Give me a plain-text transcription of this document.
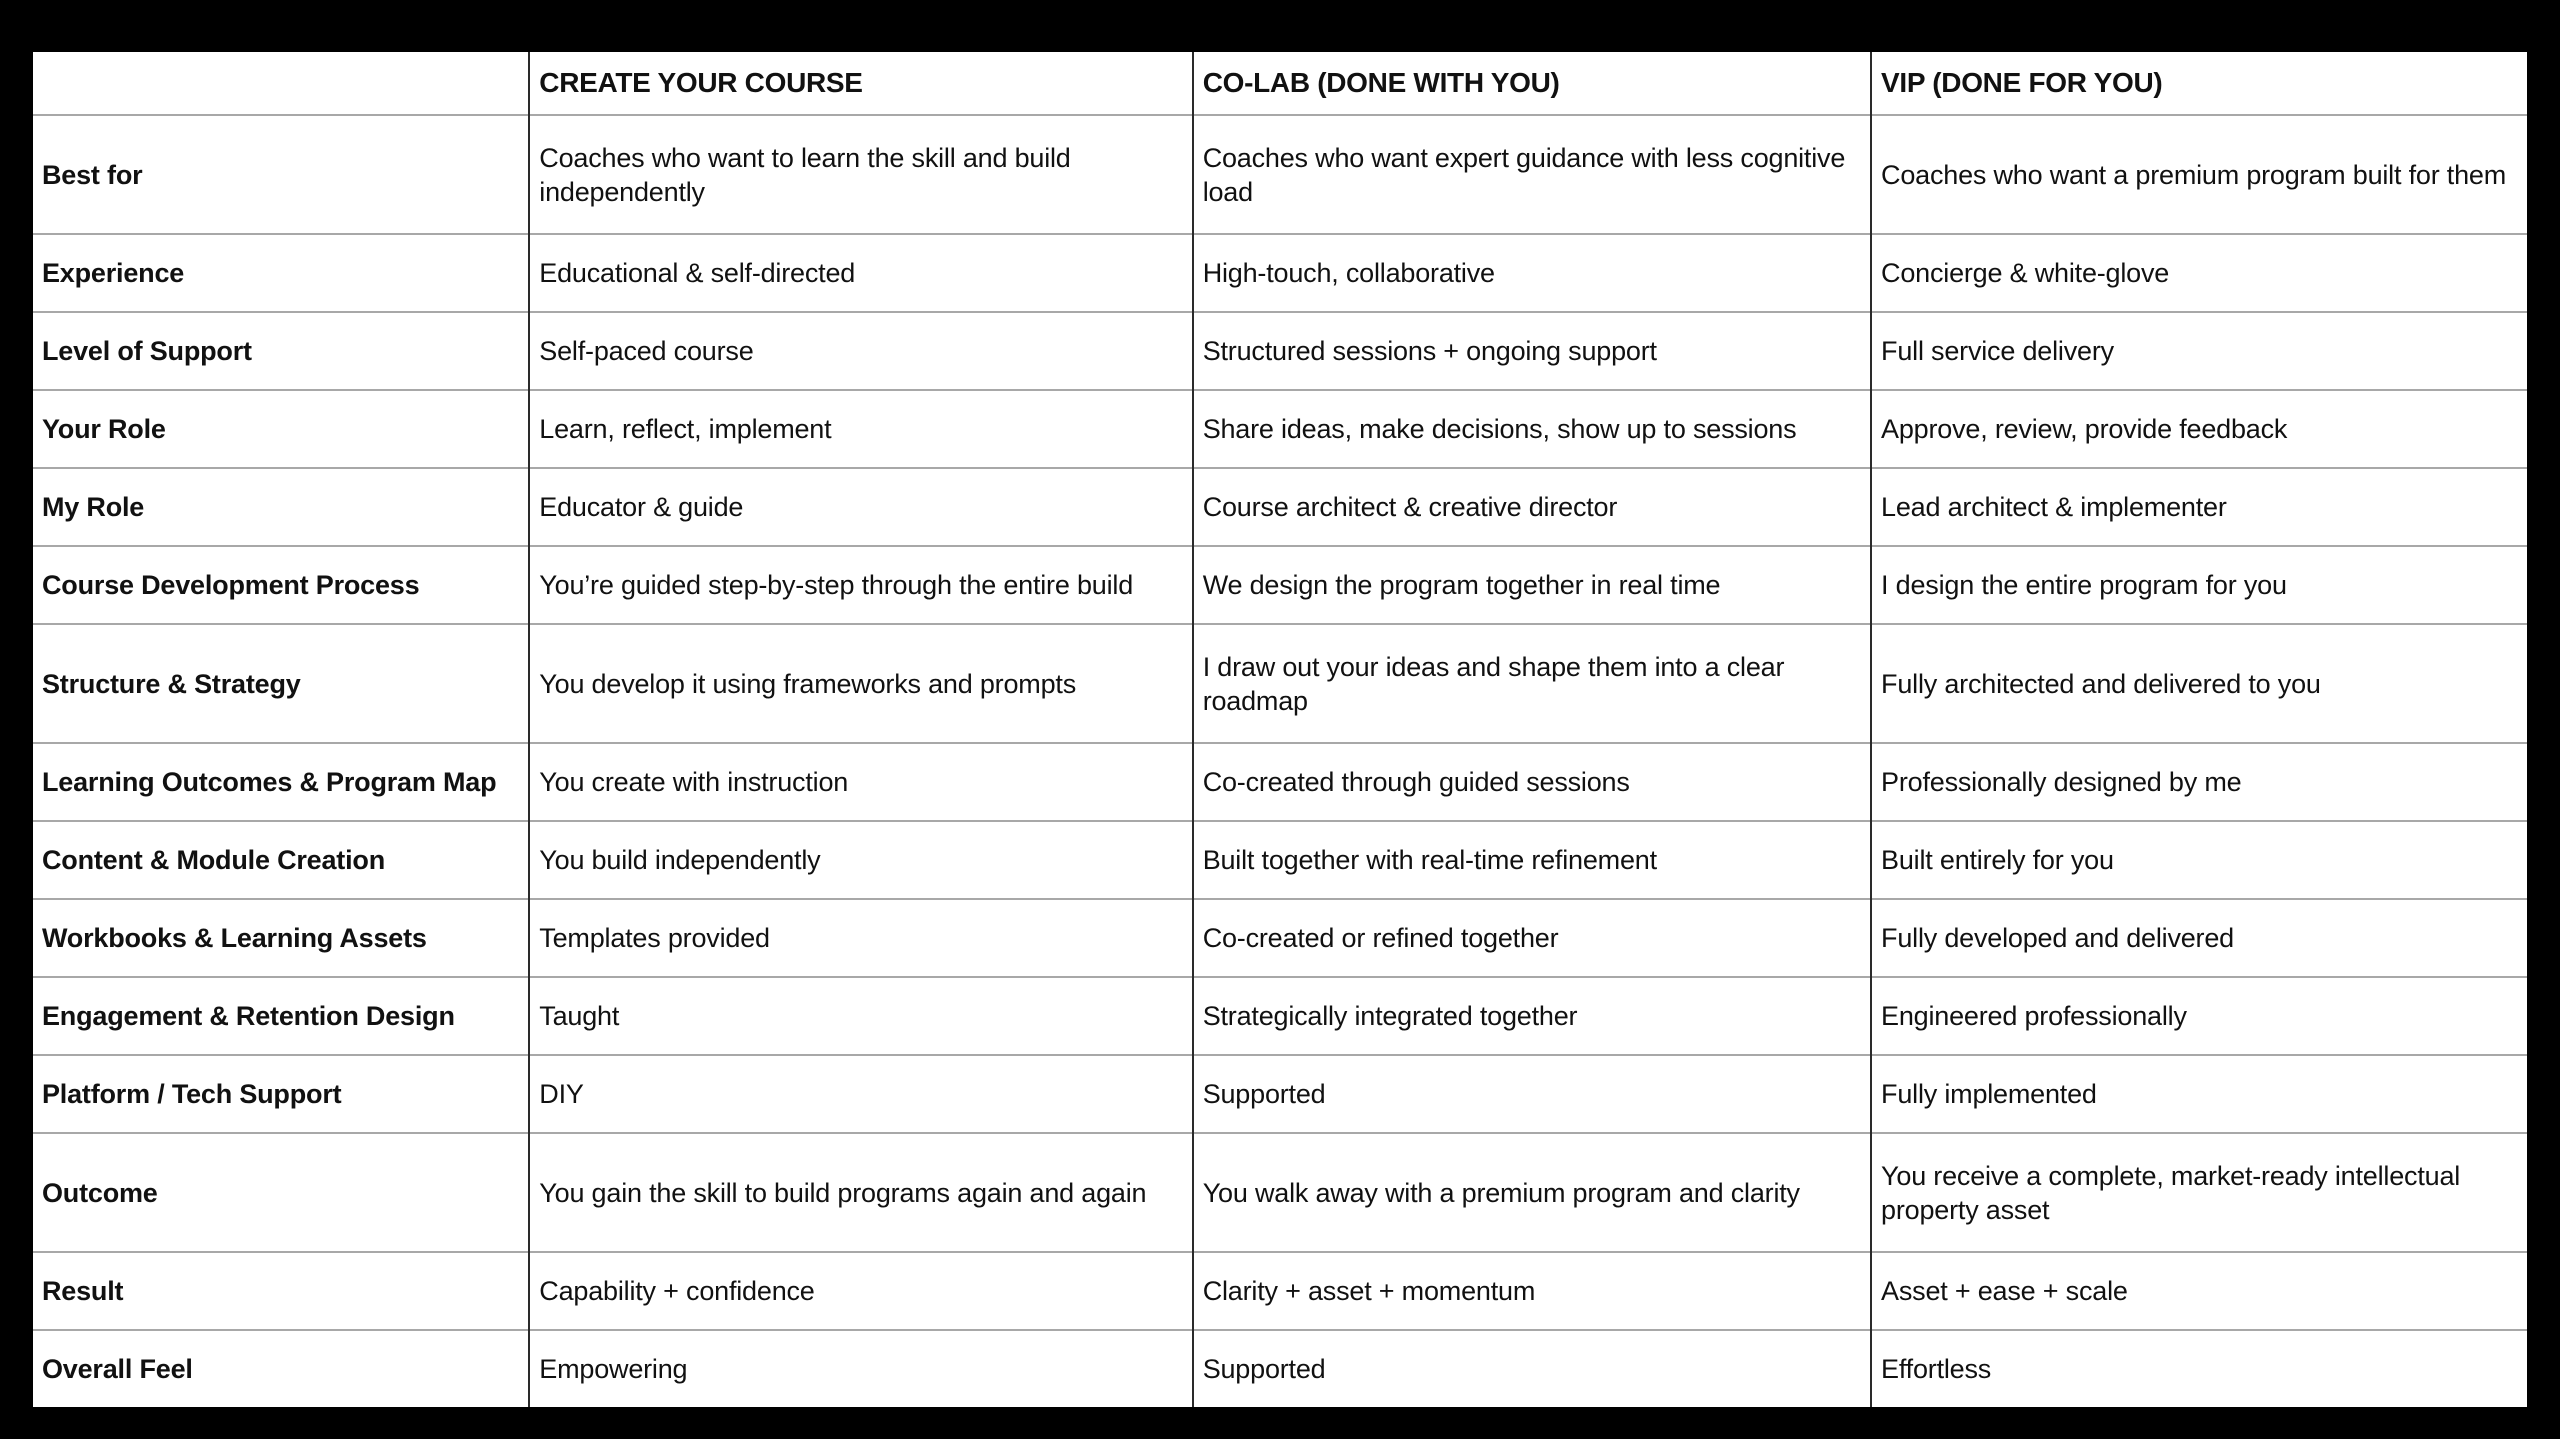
	CREATE YOUR COURSE	CO-LAB (DONE WITH YOU)	VIP (DONE FOR YOU)
Best for	Coaches who want to learn the skill and build independently	Coaches who want expert guidance with less cognitive load	Coaches who want a premium program built for them
Experience	Educational & self-directed	High-touch, collaborative	Concierge & white-glove
Level of Support	Self-paced course	Structured sessions + ongoing support	Full service delivery
Your Role	Learn, reflect, implement	Share ideas, make decisions, show up to sessions	Approve, review, provide feedback
My Role	Educator & guide	Course architect & creative director	Lead architect & implementer
Course Development Process	You’re guided step-by-step through the entire build	We design the program together in real time	I design the entire program for you
Structure & Strategy	You develop it using frameworks and prompts	I draw out your ideas and shape them into a clear roadmap	Fully architected and delivered to you
Learning Outcomes & Program Map	You create with instruction	Co-created through guided sessions	Professionally designed by me
Content & Module Creation	You build independently	Built together with real-time refinement	Built entirely for you
Workbooks & Learning Assets	Templates provided	Co-created or refined together	Fully developed and delivered
Engagement & Retention Design	Taught	Strategically integrated together	Engineered professionally
Platform / Tech Support	DIY	Supported	Fully implemented
Outcome	You gain the skill to build programs again and again	You walk away with a premium program and clarity	You receive a complete, market-ready intellectual property asset
Result	Capability + confidence	Clarity + asset + momentum	Asset + ease + scale
Overall Feel	Empowering	Supported	Effortless
